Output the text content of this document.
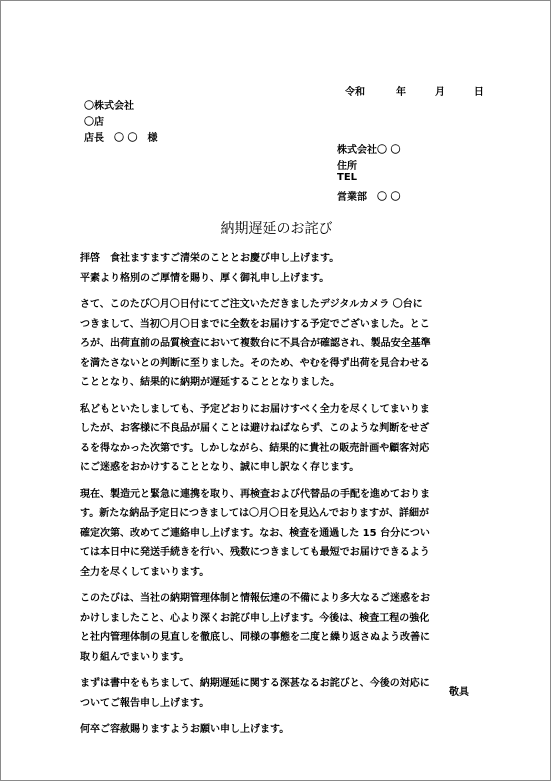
令和	年	月	日
〇株式会社
〇店
店長　〇 〇　様
株式会社〇 〇
住所
TEL
営業部　〇 〇
納期遅延のお詫び

拝啓　食社ますますご清栄のこととお慶び申し上げます。
平素より格別のご厚情を賜り、厚く御礼申し上げます。

さて、このたび〇月〇日付にてご注文いただきましたデジタルカメラ 〇台に
つきまして、当初〇月〇日までに全数をお届けする予定でございました。とこ
ろが、出荷直前の品質検査において複数台に不具合が確認され、製品安全基準
を満たさないとの判断に至りました。そのため、やむを得ず出荷を見合わせる
こととなり、結果的に納期が遅延することとなりました。

私どもといたしましても、予定どおりにお届けすべく全力を尽くしてまいりま
したが、お客様に不良品が届くことは避けねばならず、このような判断をせざ
るを得なかった次第です。しかしながら、結果的に貴社の販売計画や顧客対応
にご迷惑をおかけすることとなり、誠に申し訳なく存じます。

現在、製造元と緊急に連携を取り、再検査および代替品の手配を進めておりま
す。新たな納品予定日につきましては〇月〇日を見込んでおりますが、詳細が
確定次第、改めてご連絡申し上げます。なお、検査を通過した 15 台分につい
ては本日中に発送手続きを行い、残数につきましても最短でお届けできるよう
全力を尽くしてまいります。

このたびは、当社の納期管理体制と情報伝達の不備により多大なるご迷惑をお
かけしましたこと、心より深くお詫び申し上げます。今後は、検査工程の強化
と社内管理体制の見直しを徹底し、同様の事態を二度と繰り返さぬよう改善に
取り組んでまいります。

まずは書中をもちまして、納期遅延に関する深甚なるお詫びと、今後の対応に
ついてご報告申し上げます。

何卒ご容赦賜りますようお願い申し上げます。

敬具
